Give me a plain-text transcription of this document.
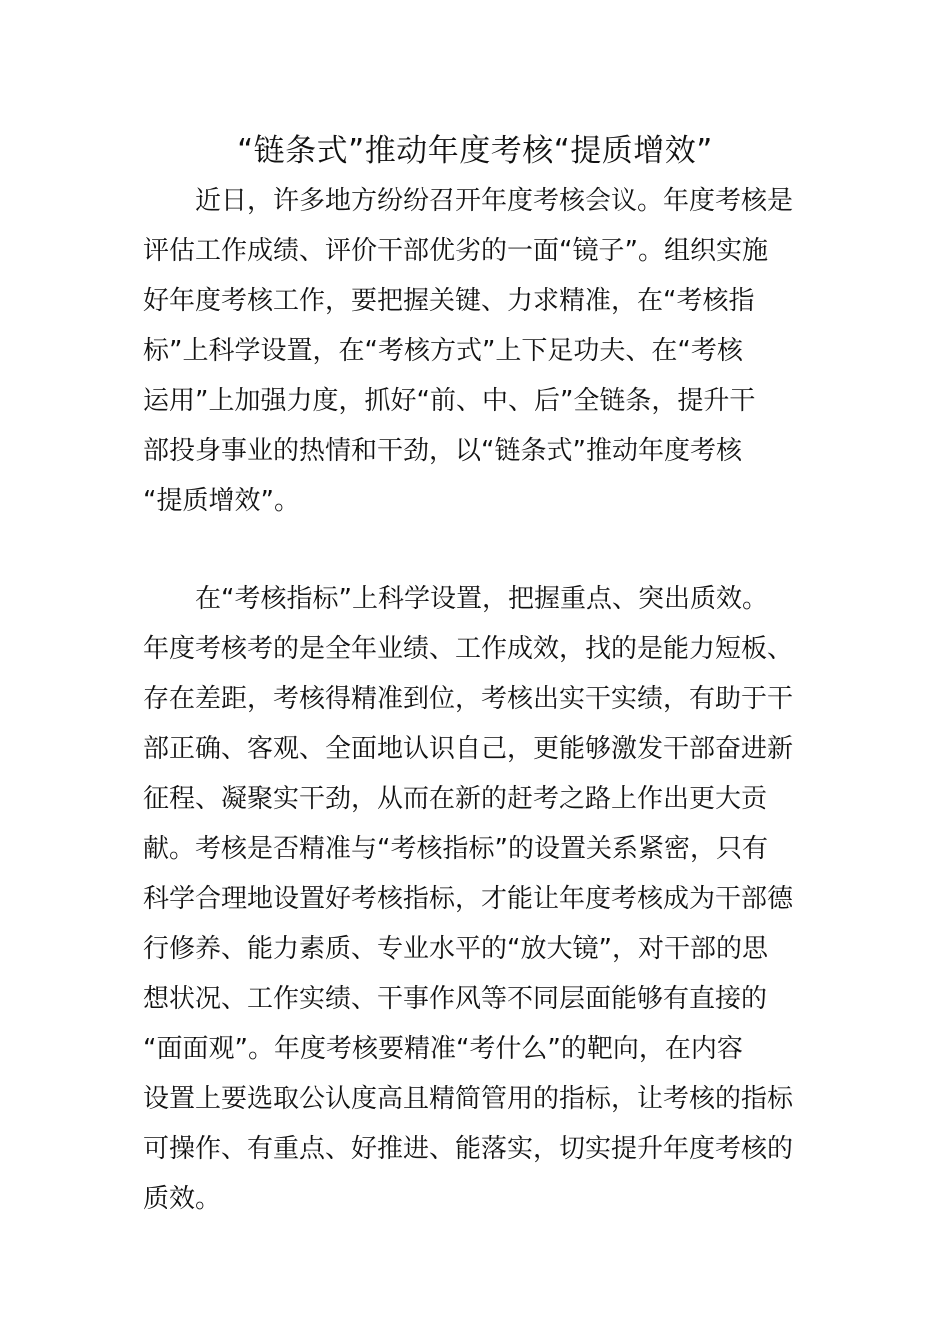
“链条式”推动年度考核“提质增效”

近日，许多地方纷纷召开年度考核会议。年度考核是
评估工作成绩、评价干部优劣的一面“镜子”。组织实施
好年度考核工作，要把握关键、力求精准，在“考核指
标”上科学设置，在“考核方式”上下足功夫、在“考核
运用”上加强力度，抓好“前、中、后”全链条，提升干
部投身事业的热情和干劲，以“链条式”推动年度考核
“提质增效”。

在“考核指标”上科学设置，把握重点、突出质效。
年度考核考的是全年业绩、工作成效，找的是能力短板、
存在差距，考核得精准到位，考核出实干实绩，有助于干
部正确、客观、全面地认识自己，更能够激发干部奋进新
征程、凝聚实干劲，从而在新的赶考之路上作出更大贡
献。考核是否精准与“考核指标”的设置关系紧密，只有
科学合理地设置好考核指标，才能让年度考核成为干部德
行修养、能力素质、专业水平的“放大镜”，对干部的思
想状况、工作实绩、干事作风等不同层面能够有直接的
“面面观”。年度考核要精准“考什么”的靶向，在内容
设置上要选取公认度高且精简管用的指标，让考核的指标
可操作、有重点、好推进、能落实，切实提升年度考核的
质效。
